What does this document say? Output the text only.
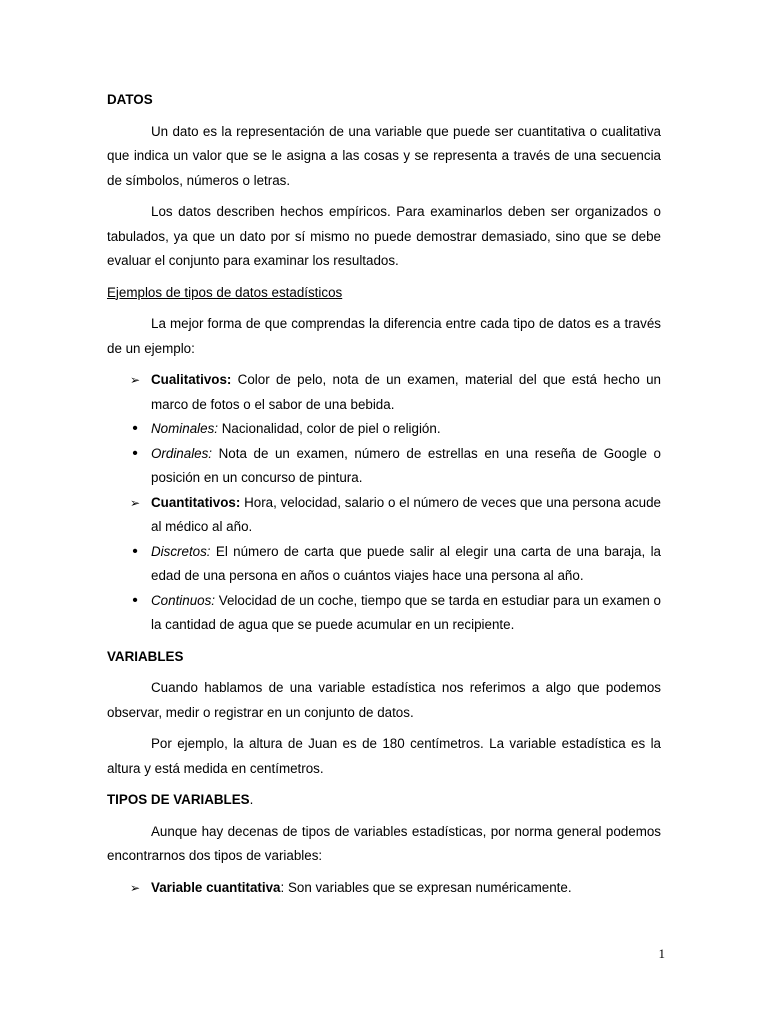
DATOS

Un dato es la representación de una variable que puede ser cuantitativa o cualitativa que indica un valor que se le asigna a las cosas y se representa a través de una secuencia de símbolos, números o letras.

Los datos describen hechos empíricos. Para examinarlos deben ser organizados o tabulados, ya que un dato por sí mismo no puede demostrar demasiado, sino que se debe evaluar el conjunto para examinar los resultados.

Ejemplos de tipos de datos estadísticos

La mejor forma de que comprendas la diferencia entre cada tipo de datos es a través de un ejemplo:

➢ Cualitativos: Color de pelo, nota de un examen, material del que está hecho un marco de fotos o el sabor de una bebida.
• Nominales: Nacionalidad, color de piel o religión.
• Ordinales: Nota de un examen, número de estrellas en una reseña de Google o posición en un concurso de pintura.
➢ Cuantitativos: Hora, velocidad, salario o el número de veces que una persona acude al médico al año.
• Discretos: El número de carta que puede salir al elegir una carta de una baraja, la edad de una persona en años o cuántos viajes hace una persona al año.
• Continuos: Velocidad de un coche, tiempo que se tarda en estudiar para un examen o la cantidad de agua que se puede acumular en un recipiente.
VARIABLES

Cuando hablamos de una variable estadística nos referimos a algo que podemos observar, medir o registrar en un conjunto de datos.

Por ejemplo, la altura de Juan es de 180 centímetros. La variable estadística es la altura y está medida en centímetros.

TIPOS DE VARIABLES.

Aunque hay decenas de tipos de variables estadísticas, por norma general podemos encontrarnos dos tipos de variables:

➢ Variable cuantitativa: Son variables que se expresan numéricamente.
1
